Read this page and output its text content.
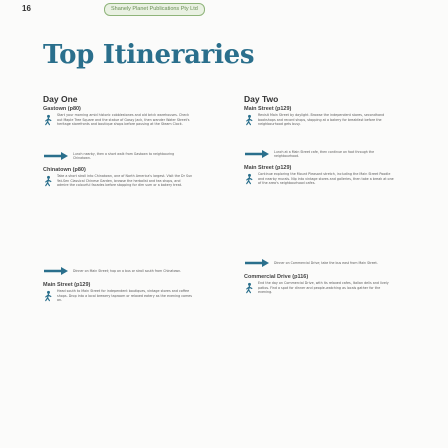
16	Shanely Planet Publications Pty Ltd
Top Itineraries
Day One
Gastown (p80)
Start your morning amid historic cobblestones and old brick warehouses. Check out Maple Tree Square and the statue of Gassy Jack, then wander Water Street's heritage storefronts and boutique shops before pausing at the Steam Clock.
Lunch nearby, then a short walk from Gastown to neighbouring Chinatown.
Chinatown (p80)
Take a short stroll into Chinatown, one of North America's largest. Visit the Dr Sun Yat-Sen Classical Chinese Garden, browse the herbalist and tea shops, and admire the colourful facades before stopping for dim sum or a bakery treat.
Dinner on Main Street; hop on a bus or stroll south from Chinatown.
Main Street (p129)
Head south to Main Street for independent boutiques, vintage stores and coffee shops. Drop into a local brewery taproom or relaxed eatery as the evening comes on.
Day Two
Main Street (p129)
Revisit Main Street by daylight. Browse the independent stores, secondhand bookshops and record shops, stopping at a bakery for breakfast before the neighbourhood gets busy.
Lunch at a Main Street cafe, then continue on foot through the neighbourhood.
Main Street (p129)
Continue exploring the Mount Pleasant stretch, including the Main Street Poodle and nearby murals. Nip into vintage stores and galleries, then take a break at one of the area's neighbourhood cafes.
Dinner on Commercial Drive; take the bus east from Main Street.
Commercial Drive (p116)
End the day on Commercial Drive, with its relaxed cafes, Italian delis and lively patios. Find a spot for dinner and people-watching as locals gather for the evening.
